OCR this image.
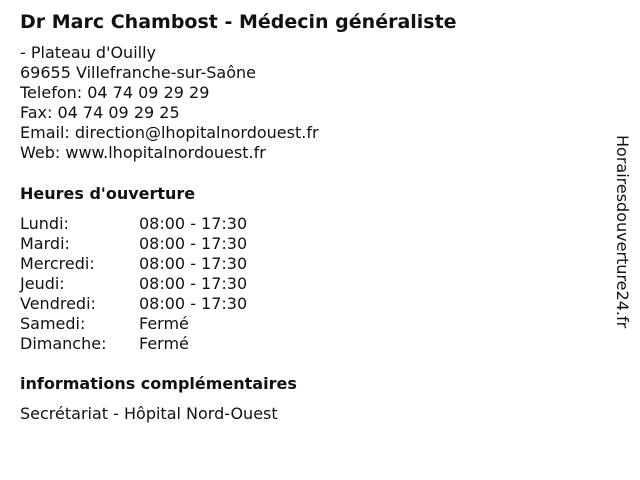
Dr Marc Chambost - Médecin généraliste
- Plateau d'Ouilly
69655 Villefranche-sur-Saône
Telefon: 04 74 09 29 29
Fax: 04 74 09 29 25
Email: direction@lhopitalnordouest.fr
Web: www.lhopitalnordouest.fr
Heures d'ouverture
Lundi:	08:00 - 17:30
Mardi:	08:00 - 17:30
Mercredi:	08:00 - 17:30
Jeudi:	08:00 - 17:30
Vendredi:	08:00 - 17:30
Samedi:	Fermé
Dimanche: Fermé
informations complémentaires
Secrétariat - Hôpital Nord-Ouest
Horairesdouverture24.fr
